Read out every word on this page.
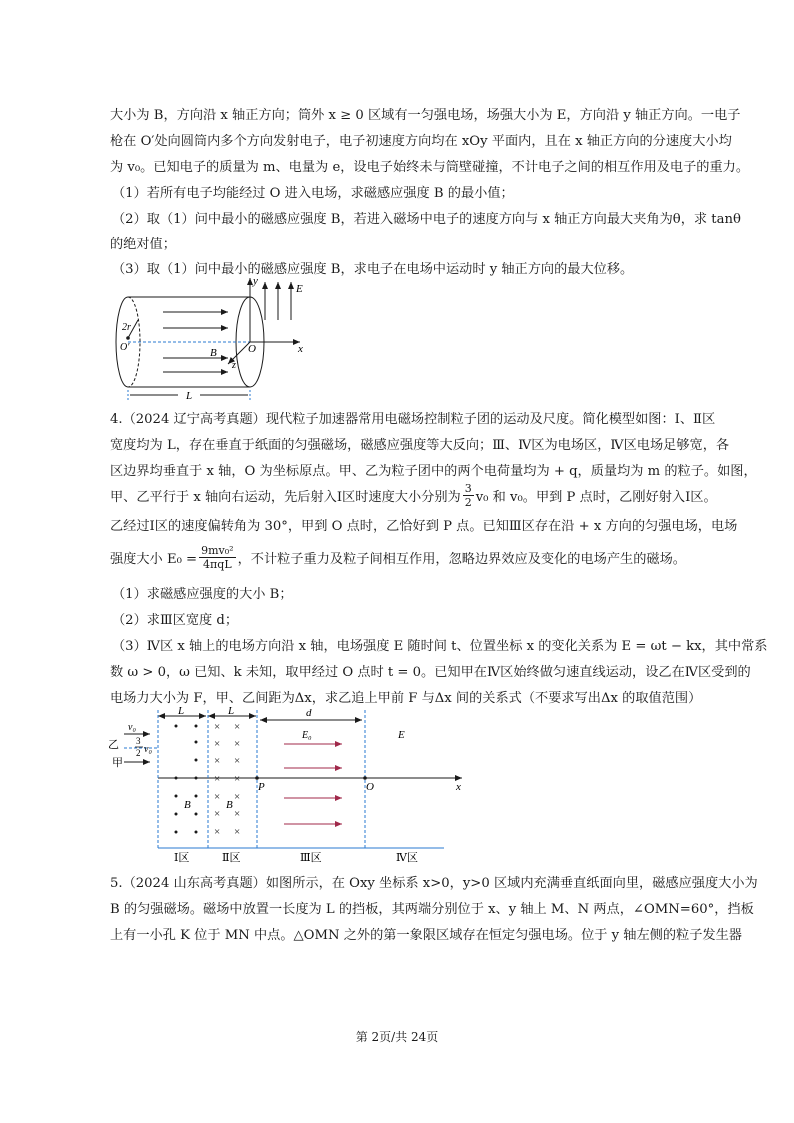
大小为 B，方向沿 x 轴正方向；筒外 x ≥ 0 区域有一匀强电场，场强大小为 E，方向沿 y 轴正方向。一电子

枪在 O′处向圆筒内多个方向发射电子，电子初速度方向均在 xOy 平面内，且在 x 轴正方向的分速度大小均

为 v₀。已知电子的质量为 m、电量为 e，设电子始终未与筒壁碰撞，不计电子之间的相互作用及电子的重力。

（1）若所有电子均能经过 O 进入电场，求磁感应强度 B 的最小值；

（2）取（1）问中最小的磁感应强度 B，若进入磁场中电子的速度方向与 x 轴正方向最大夹角为θ，求 tanθ

的绝对值；

（3）取（1）问中最小的磁感应强度 B，求电子在电场中运动时 y 轴正方向的最大位移。

y
E
2r
O′	O	x
B
z
L

4.（2024 辽宁高考真题）现代粒子加速器常用电磁场控制粒子团的运动及尺度。简化模型如图：Ⅰ、Ⅱ区

宽度均为 L，存在垂直于纸面的匀强磁场，磁感应强度等大反向；Ⅲ、Ⅳ区为电场区，Ⅳ区电场足够宽，各

区边界均垂直于 x 轴，O 为坐标原点。甲、乙为粒子团中的两个电荷量均为 + q，质量均为 m 的粒子。如图，

甲、乙平行于 x 轴向右运动，先后射入Ⅰ区时速度大小分别为 $\frac{3}{2} v_0$ 和 v₀。甲到 P 点时，乙刚好射入Ⅰ区。

乙经过Ⅰ区的速度偏转角为 30°，甲到 O 点时，乙恰好到 P 点。已知Ⅲ区存在沿 + x 方向的匀强电场，电场

强度大小 $E_0 = \frac{\text{9mv₀²}}{\text{4πqL}}$ ，不计粒子重力及粒子间相互作用，忽略边界效应及变化的电场产生的磁场。

（1）求磁感应强度的大小 B；

（2）求Ⅲ区宽度 d；

（3）Ⅳ区 x 轴上的电场方向沿 x 轴，电场强度 E 随时间 t、位置坐标 x 的变化关系为 E = ωt − kx，其中常系

数 ω > 0，ω 已知、k 未知，取甲经过 O 点时 t = 0。已知甲在Ⅳ区始终做匀速直线运动，设乙在Ⅳ区受到的

电场力大小为 F，甲、乙间距为Δx，求乙追上甲前 F 与Δx 间的关系式（不要求写出Δx 的取值范围）

× ×
× ×
× ×
× ×
× ×
× ×
× ×
L	L	d
E₀	E
v₀
乙 3
2 v₀
甲
P	O	x
B	B
Ⅰ区	Ⅱ区	Ⅲ区	Ⅳ区

5.（2024 山东高考真题）如图所示，在 Oxy 坐标系 x>0，y>0 区域内充满垂直纸面向里，磁感应强度大小为

B 的匀强磁场。磁场中放置一长度为 L 的挡板，其两端分别位于 x、y 轴上 M、N 两点，∠OMN=60°，挡板

上有一小孔 K 位于 MN 中点。△OMN 之外的第一象限区域存在恒定匀强电场。位于 y 轴左侧的粒子发生器

第 2页/共 24页
